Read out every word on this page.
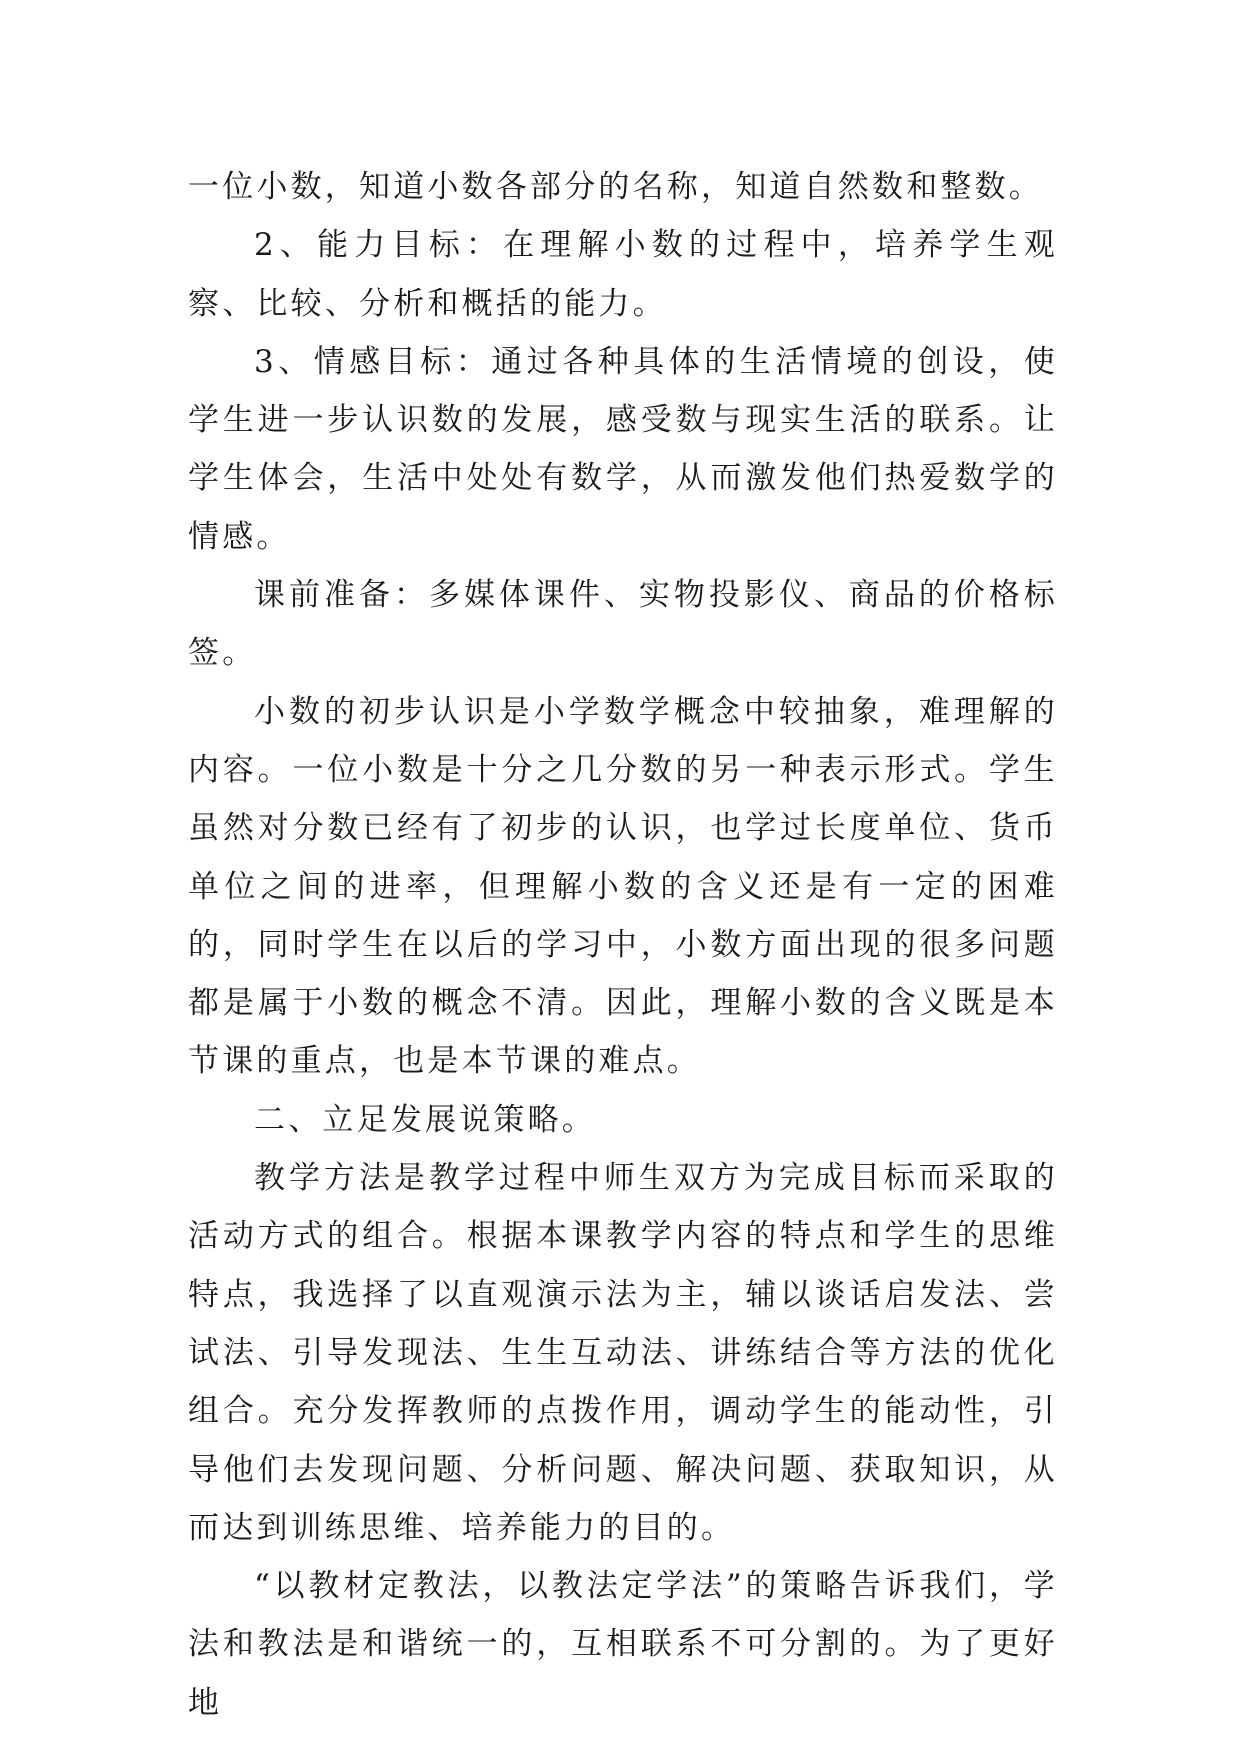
一位小数，知道小数各部分的名称，知道自然数和整数。

2、能力目标：在理解小数的过程中，培养学生观察、比较、分析和概括的能力。

3、情感目标：通过各种具体的生活情境的创设，使学生进一步认识数的发展，感受数与现实生活的联系。让学生体会，生活中处处有数学，从而激发他们热爱数学的情感。

课前准备：多媒体课件、实物投影仪、商品的价格标签。

小数的初步认识是小学数学概念中较抽象，难理解的内容。一位小数是十分之几分数的另一种表示形式。学生虽然对分数已经有了初步的认识，也学过长度单位、货币单位之间的进率，但理解小数的含义还是有一定的困难的，同时学生在以后的学习中，小数方面出现的很多问题都是属于小数的概念不清。因此，理解小数的含义既是本节课的重点，也是本节课的难点。

二、立足发展说策略。

教学方法是教学过程中师生双方为完成目标而采取的活动方式的组合。根据本课教学内容的特点和学生的思维特点，我选择了以直观演示法为主，辅以谈话启发法、尝试法、引导发现法、生生互动法、讲练结合等方法的优化组合。充分发挥教师的点拨作用，调动学生的能动性，引导他们去发现问题、分析问题、解决问题、获取知识，从而达到训练思维、培养能力的目的。

“以教材定教法，以教法定学法”的策略告诉我们，学法和教法是和谐统一的，互相联系不可分割的。为了更好地
